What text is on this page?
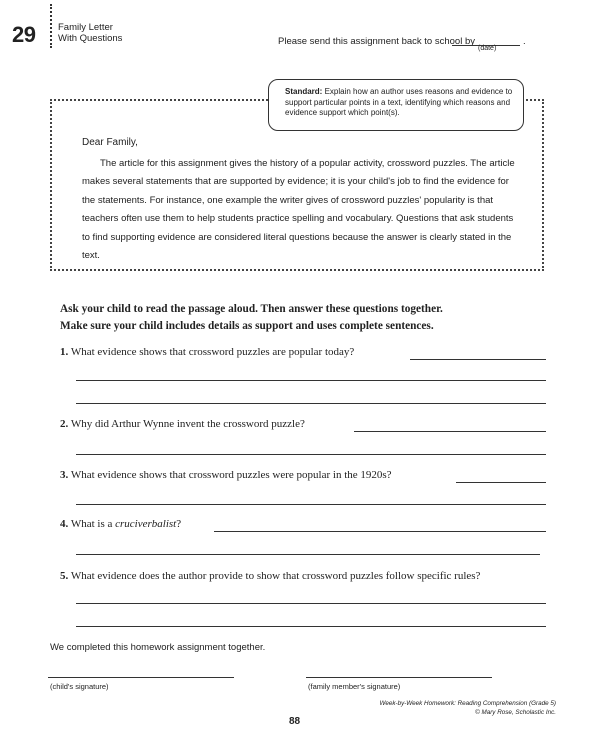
29 Family Letter
With Questions	Please send this assignment back to school by	.
(date)
Standard: Explain how an author uses reasons and evidence to support particular points in a text, identifying which reasons and evidence support which point(s).
Dear Family,
The article for this assignment gives the history of a popular activity, crossword puzzles. The article makes several statements that are supported by evidence; it is your child's job to find the evidence for the statements. For instance, one example the writer gives of crossword puzzles' popularity is that teachers often use them to help students practice spelling and vocabulary. Questions that ask students to find supporting evidence are considered literal questions because the answer is clearly stated in the text.
Ask your child to read the passage aloud. Then answer these questions together.
Make sure your child includes details as support and uses complete sentences.
1. What evidence shows that crossword puzzles are popular today?
2. Why did Arthur Wynne invent the crossword puzzle?
3. What evidence shows that crossword puzzles were popular in the 1920s?
4. What is a cruciverbalist?
5. What evidence does the author provide to show that crossword puzzles follow specific rules?
We completed this homework assignment together.
(child's signature)	(family member's signature)
88
Week-by-Week Homework: Reading Comprehension (Grade 5)
© Mary Rose, Scholastic Inc.
